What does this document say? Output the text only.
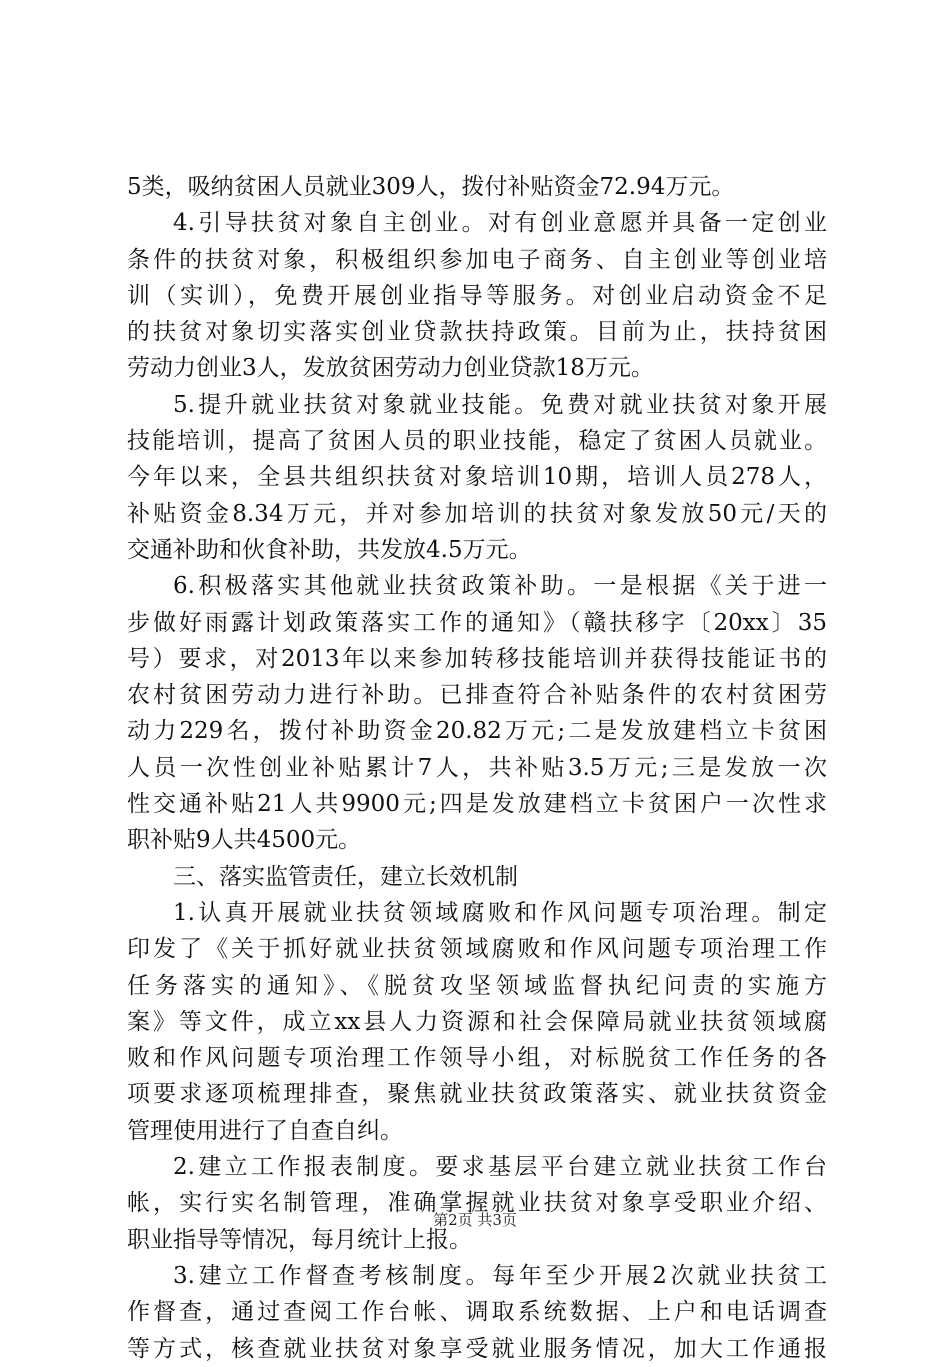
5类，吸纳贫困人员就业309人，拨付补贴资金72.94万元。
4.引导扶贫对象自主创业。对有创业意愿并具备一定创业
条件的扶贫对象，积极组织参加电子商务、自主创业等创业培
训（实训），免费开展创业指导等服务。对创业启动资金不足
的扶贫对象切实落实创业贷款扶持政策。目前为止，扶持贫困
劳动力创业3人，发放贫困劳动力创业贷款18万元。
5.提升就业扶贫对象就业技能。免费对就业扶贫对象开展
技能培训，提高了贫困人员的职业技能，稳定了贫困人员就业。
今年以来，全县共组织扶贫对象培训10期，培训人员278人，
补贴资金8.34万元，并对参加培训的扶贫对象发放50元/天的
交通补助和伙食补助，共发放4.5万元。
6.积极落实其他就业扶贫政策补助。一是根据《关于进一
步做好雨露计划政策落实工作的通知》（赣扶移字〔20xx〕35
号）要求，对2013年以来参加转移技能培训并获得技能证书的
农村贫困劳动力进行补助。已排查符合补贴条件的农村贫困劳
动力229名，拨付补助资金20.82万元;二是发放建档立卡贫困
人员一次性创业补贴累计7人，共补贴3.5万元;三是发放一次
性交通补贴21人共9900元;四是发放建档立卡贫困户一次性求
职补贴9人共4500元。
三、落实监管责任，建立长效机制
1.认真开展就业扶贫领域腐败和作风问题专项治理。制定
印发了《关于抓好就业扶贫领域腐败和作风问题专项治理工作
任务落实的通知》、《脱贫攻坚领域监督执纪问责的实施方
案》等文件，成立xx县人力资源和社会保障局就业扶贫领域腐
败和作风问题专项治理工作领导小组，对标脱贫工作任务的各
项要求逐项梳理排查，聚焦就业扶贫政策落实、就业扶贫资金
管理使用进行了自查自纠。
2.建立工作报表制度。要求基层平台建立就业扶贫工作台
帐，实行实名制管理，准确掌握就业扶贫对象享受职业介绍、
职业指导等情况，每月统计上报。
3.建立工作督查考核制度。每年至少开展2次就业扶贫工
作督查，通过查阅工作台帐、调取系统数据、上户和电话调查
等方式，核查就业扶贫对象享受就业服务情况，加大工作通报
第2页 共3页
